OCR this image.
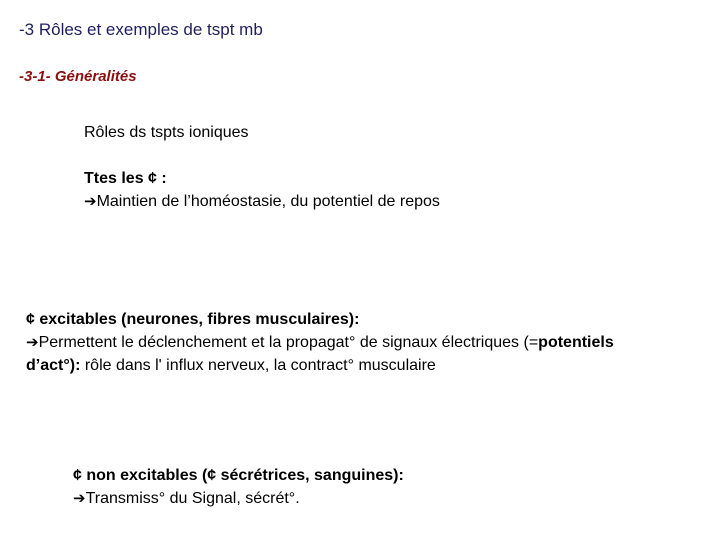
-3 Rôles et exemples de tspt mb
-3-1- Généralités
Rôles ds tspts ioniques
Ttes les ¢ :
➔Maintien de l’homéostasie, du potentiel de repos
¢ excitables (neurones, fibres musculaires):
➔Permettent le déclenchement et la propagat° de signaux électriques (=potentiels
d’act°): rôle dans l' influx nerveux, la contract° musculaire
¢ non excitables (¢ sécrétrices, sanguines):
➔Transmiss° du Signal, sécrét°.
